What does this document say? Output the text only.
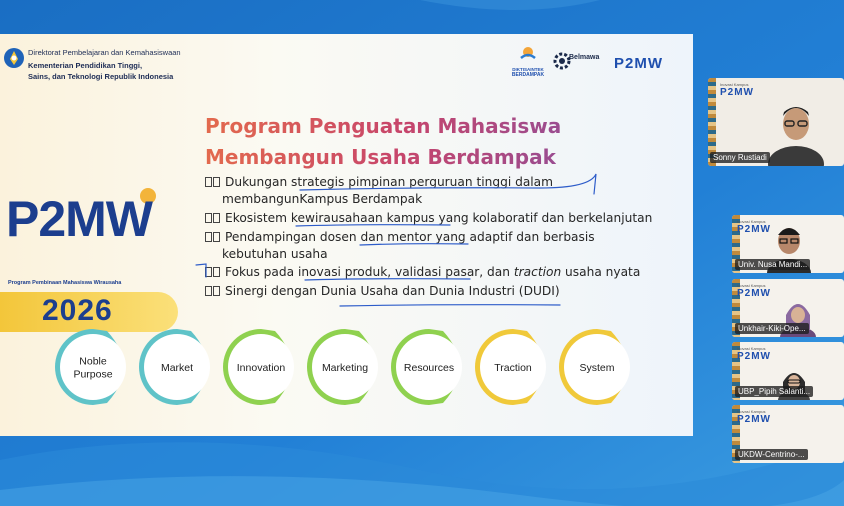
Direktorat Pembelajaran dan Kemahasiswaan
Kementerian Pendidikan Tinggi,
Sains, dan Teknologi Republik Indonesia
DIKTISAINTEK
BERDAMPAK
Belmawa P2MW
P2MW
Program Pembinaan Mahasiswa Wirausaha
2026
Program Penguatan Mahasiswa
Membangun Usaha Berdampak
Dukungan strategis pimpinan perguruan tinggi dalam
membangunKampus Berdampak
Ekosistem kewirausahaan kampus yang kolaboratif dan berkelanjutan
Pendampingan dosen dan mentor yang adaptif dan berbasis
kebutuhan usaha
Fokus pada inovasi produk, validasi pasar, dan traction usaha nyata
Sinergi dengan Dunia Usaha dan Dunia Industri (DUDI)
Noble
Purpose
Market	Innovation	Marketing	Resources	Traction	System
Inovasi Kampus
P2MW
Sonny Rustiadi
Inovasi Kampus
P2MW
Univ. Nusa Mandi...
Inovasi Kampus
P2MW
Unkhair-Kiki-Ope...
Inovasi Kampus
P2MW
UBP_Pipih Salanti...
Inovasi Kampus
P2MW
UKDW-Centrino-...
